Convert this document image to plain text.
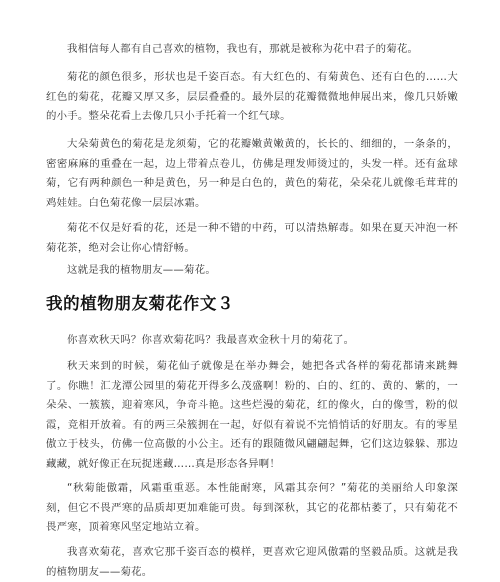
我相信每人都有自己喜欢的植物，我也有，那就是被称为花中君子的菊花。

菊花的颜色很多，形状也是千姿百态。有大红色的、有菊黄色、还有白色的……大红色的菊花，花瓣又厚又多，层层叠叠的。最外层的花瓣微微地伸展出来，像几只娇嫩的小手。整朵花看上去像几只小手托着一个红气球。

大朵菊黄色的菊花是龙须菊，它的花瓣嫩黄嫩黄的，长长的、细细的，一条条的，密密麻麻的重叠在一起，边上带着点卷儿，仿佛是理发师烫过的，头发一样。还有盆球菊，它有两种颜色一种是黄色，另一种是白色的，黄色的菊花，朵朵花儿就像毛茸茸的鸡娃娃。白色菊花像一层层冰霜。

菊花不仅是好看的花，还是一种不错的中药，可以清热解毒。如果在夏天冲泡一杯菊花茶，绝对会让你心情舒畅。

这就是我的植物朋友——菊花。

我的植物朋友菊花作文３

你喜欢秋天吗？你喜欢菊花吗？我最喜欢金秋十月的菊花了。

秋天来到的时候，菊花仙子就像是在举办舞会，她把各式各样的菊花都请来跳舞了。你瞧！汇龙潭公园里的菊花开得多么茂盛啊！粉的、白的、红的、黄的、紫的，一朵朵、一簇簇，迎着寒风，争奇斗艳。这些烂漫的菊花，红的像火，白的像雪，粉的似霞，竞相开放着。有的两三朵簇拥在一起，好似有着说不完悄悄话的好朋友。有的零星傲立于枝头，仿佛一位高傲的小公主。还有的跟随微风翩翩起舞，它们这边躲躲、那边藏藏，就好像正在玩捉迷藏……真是形态各异啊！

“秋菊能傲霜，风霜重重恶。本性能耐寒，风霜其奈何？”菊花的美丽给人印象深刻，但它不畏严寒的品质却更加难能可贵。每到深秋，其它的花都枯萎了，只有菊花不畏严寒，顶着寒风坚定地站立着。

我喜欢菊花，喜欢它那千姿百态的模样，更喜欢它迎风傲霜的坚毅品质。这就是我的植物朋友——菊花。
